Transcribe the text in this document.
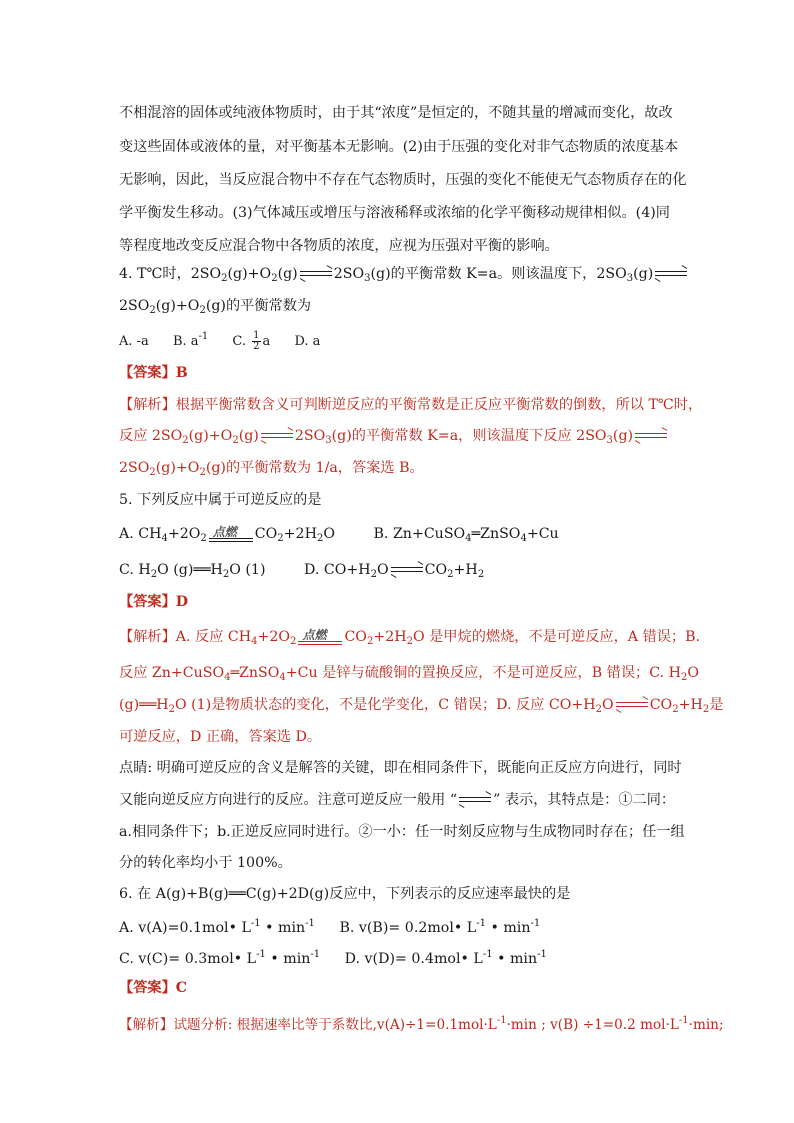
不相混溶的固体或纯液体物质时，由于其“浓度”是恒定的，不随其量的增减而变化，故改
变这些固体或液体的量，对平衡基本无影响。(2)由于压强的变化对非气态物质的浓度基本
无影响，因此，当反应混合物中不存在气态物质时，压强的变化不能使无气态物质存在的化
学平衡发生移动。(3)气体减压或增压与溶液稀释或浓缩的化学平衡移动规律相似。(4)同
等程度地改变反应混合物中各物质的浓度，应视为压强对平衡的影响。
4. T℃时，$2SO_2(g)+O_2(g)$	$2SO_3(g)$的平衡常数 K=a。则该温度下，$2SO_3(g)$
$2SO_2(g)+O_2(g)$的平衡常数为
A. -a B. $a^{-1}$ C. $\frac{1}{2}$ a D. a
【答案】B
【解析】根据平衡常数含义可判断逆反应的平衡常数是正反应平衡常数的倒数，所以 T℃时，
反应 $2SO_2(g)+O_2(g)$	$2SO_3(g)$的平衡常数 K=a，则该温度下反应 $2SO_3(g)$
$2SO_2(g)+O_2(g)$的平衡常数为 1/a，答案选 B。
5. 下列反应中属于可逆反应的是
A. $CH_4+2O_2$ 点燃 $CO_2+2H_2O$	B. Zn+CuSO$_4$═ZnSO$_4$+Cu
C. $H_2O$ $(g)══H_2O$ (1)	D. $CO+H_2O$	$CO_2+H_2$
【答案】D
【解析】A. 反应 $CH_4+2O_2$ 点燃 $CO_2+2H_2O$ 是甲烷的燃烧，不是可逆反应，A 错误；B.
反应 Zn+CuSO$_4$═ZnSO$_4$+Cu 是锌与硫酸铜的置换反应，不是可逆反应，B 错误；C. $H_2O$
$(g)══H_2O$ (1)是物质状态的变化，不是化学变化，C 错误；D. 反应 $CO+H_2O$	$CO_2+H_2$是
可逆反应，D 正确，答案选 D。
点睛: 明确可逆反应的含义是解答的关键，即在相同条件下，既能向正反应方向进行，同时
又能向逆反应方向进行的反应。注意可逆反应一般用 “	” 表示，其特点是：①二同：
a.相同条件下；b.正逆反应同时进行。②一小：任一时刻反应物与生成物同时存在；任一组
分的转化率均小于 100%。
6. 在 A(g)+B(g)══C(g)+2D(g)反应中，下列表示的反应速率最快的是
A. v(A)=0.1mol• $L^{-1}$ • $\min^{-1} B$. v(B)= 0.2mol• $L^{-1}$ • $\min^{-1}$
C. v(C)= 0.3mol• $L^{-1}$ • $\min^{-1} D$. v(D)= 0.4mol• $L^{-1}$ • $\min^{-1}$
【答案】C
【解析】试题分析: 根据速率比等于系数比$,v(A)\div 1=0.1mol\cdot L^{-1}\cdot\min$ ; v(B) ÷1=0.2 $mol\cdot L^{-1}\cdot\min$;
